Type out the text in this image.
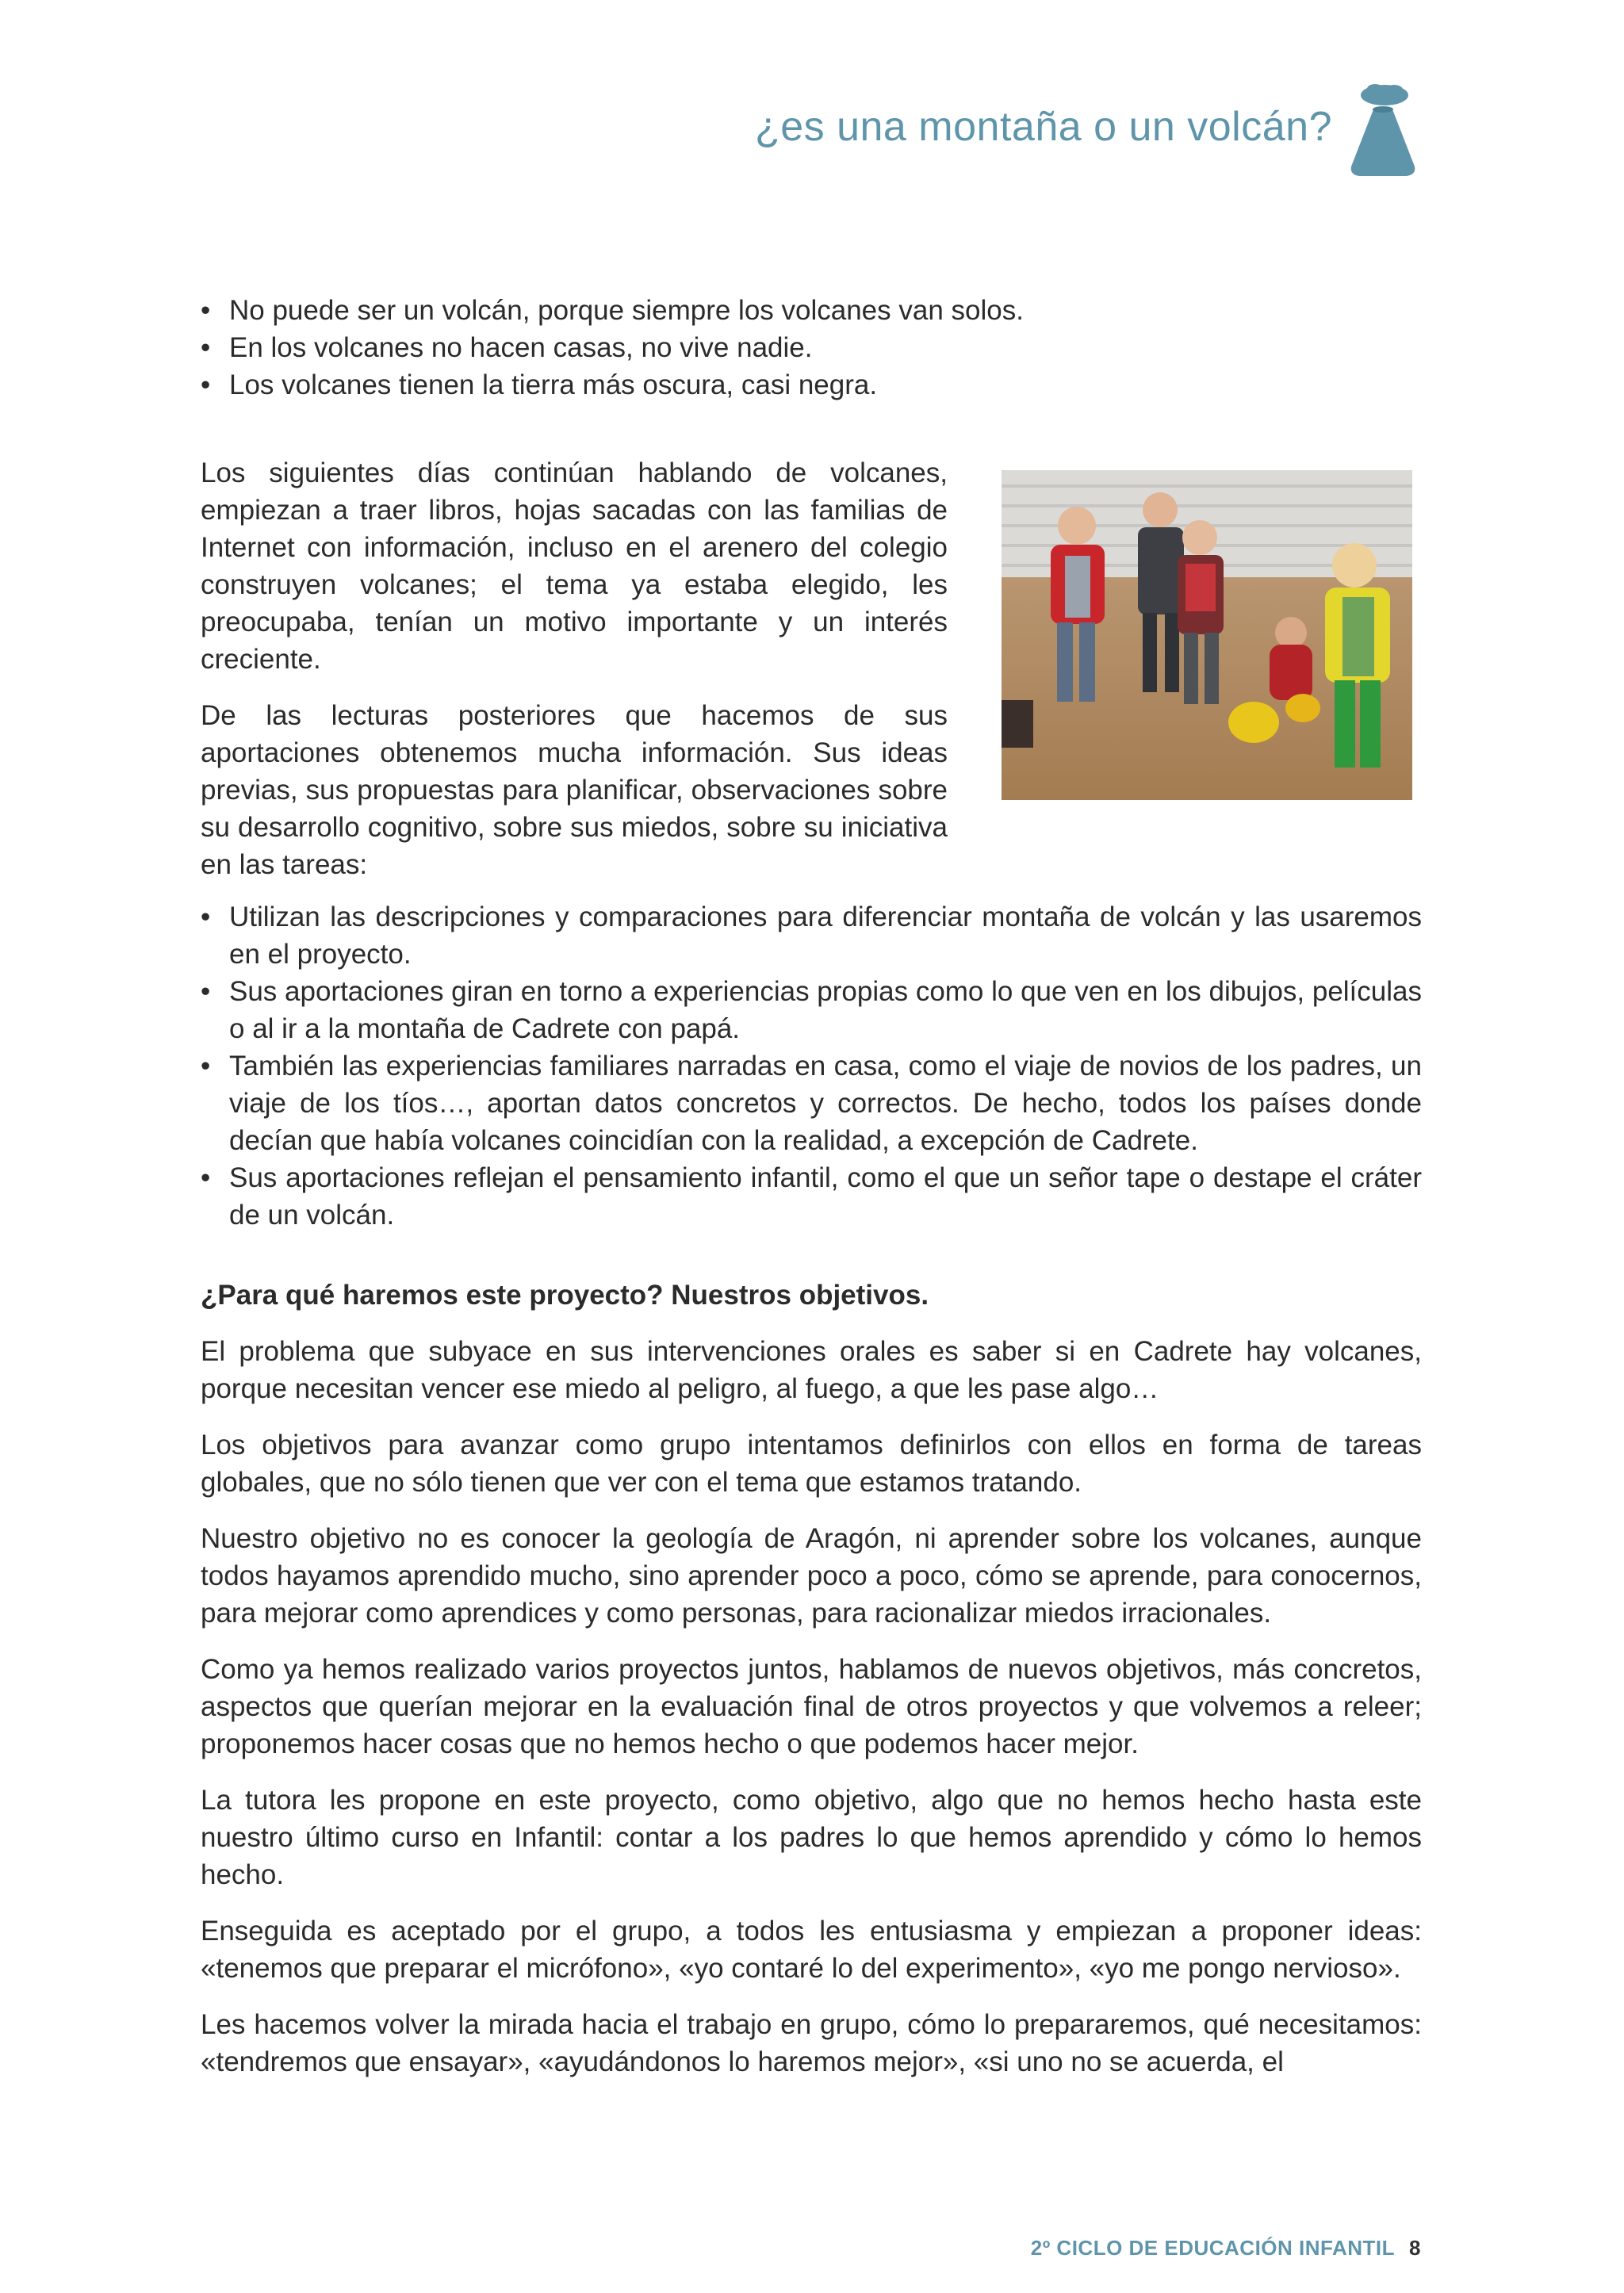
¿es una montaña o un volcán?
• No puede ser un volcán, porque siempre los volcanes van solos.
• En los volcanes no hacen casas, no vive nadie.
• Los volcanes tienen la tierra más oscura, casi negra.

Los siguientes días continúan hablando de volcanes, empiezan a traer libros, hojas sacadas con las familias de Internet con información, incluso en el arenero del colegio construyen volcanes; el tema ya estaba elegido, les preocupaba, tenían un motivo importante y un interés creciente.

De las lecturas posteriores que hacemos de sus aportaciones obtenemos mucha información. Sus ideas previas, sus propuestas para planificar, observaciones sobre su desarrollo cognitivo, sobre sus miedos, sobre su iniciativa en las tareas:

• Utilizan las descripciones y comparaciones para diferenciar montaña de volcán y las usaremos en el proyecto.
• Sus aportaciones giran en torno a experiencias propias como lo que ven en los dibujos, películas o al ir a la montaña de Cadrete con papá.
• También las experiencias familiares narradas en casa, como el viaje de novios de los padres, un viaje de los tíos…, aportan datos concretos y correctos. De hecho, todos los países donde decían que había volcanes coincidían con la realidad, a excepción de Cadrete.
• Sus aportaciones reflejan el pensamiento infantil, como el que un señor tape o destape el cráter de un volcán.

¿Para qué haremos este proyecto? Nuestros objetivos.

El problema que subyace en sus intervenciones orales es saber si en Cadrete hay volcanes, porque necesitan vencer ese miedo al peligro, al fuego, a que les pase algo…

Los objetivos para avanzar como grupo intentamos definirlos con ellos en forma de tareas globales, que no sólo tienen que ver con el tema que estamos tratando.

Nuestro objetivo no es conocer la geología de Aragón, ni aprender sobre los volcanes, aunque todos hayamos aprendido mucho, sino aprender poco a poco, cómo se aprende, para conocernos, para mejorar como aprendices y como personas, para racionalizar miedos irracionales.

Como ya hemos realizado varios proyectos juntos, hablamos de nuevos objetivos, más concretos, aspectos que querían mejorar en la evaluación final de otros proyectos y que volvemos a releer; proponemos hacer cosas que no hemos hecho o que podemos hacer mejor.

La tutora les propone en este proyecto, como objetivo, algo que no hemos hecho hasta este nuestro último curso en Infantil: contar a los padres lo que hemos aprendido y cómo lo hemos hecho.

Enseguida es aceptado por el grupo, a todos les entusiasma y empiezan a proponer ideas: «tenemos que preparar el micrófono», «yo contaré lo del experimento», «yo me pongo nervioso».

Les hacemos volver la mirada hacia el trabajo en grupo, cómo lo prepararemos, qué necesitamos: «tendremos que ensayar», «ayudándonos lo haremos mejor», «si uno no se acuerda, el

2º CICLO DE EDUCACIÓN INFANTIL 8
